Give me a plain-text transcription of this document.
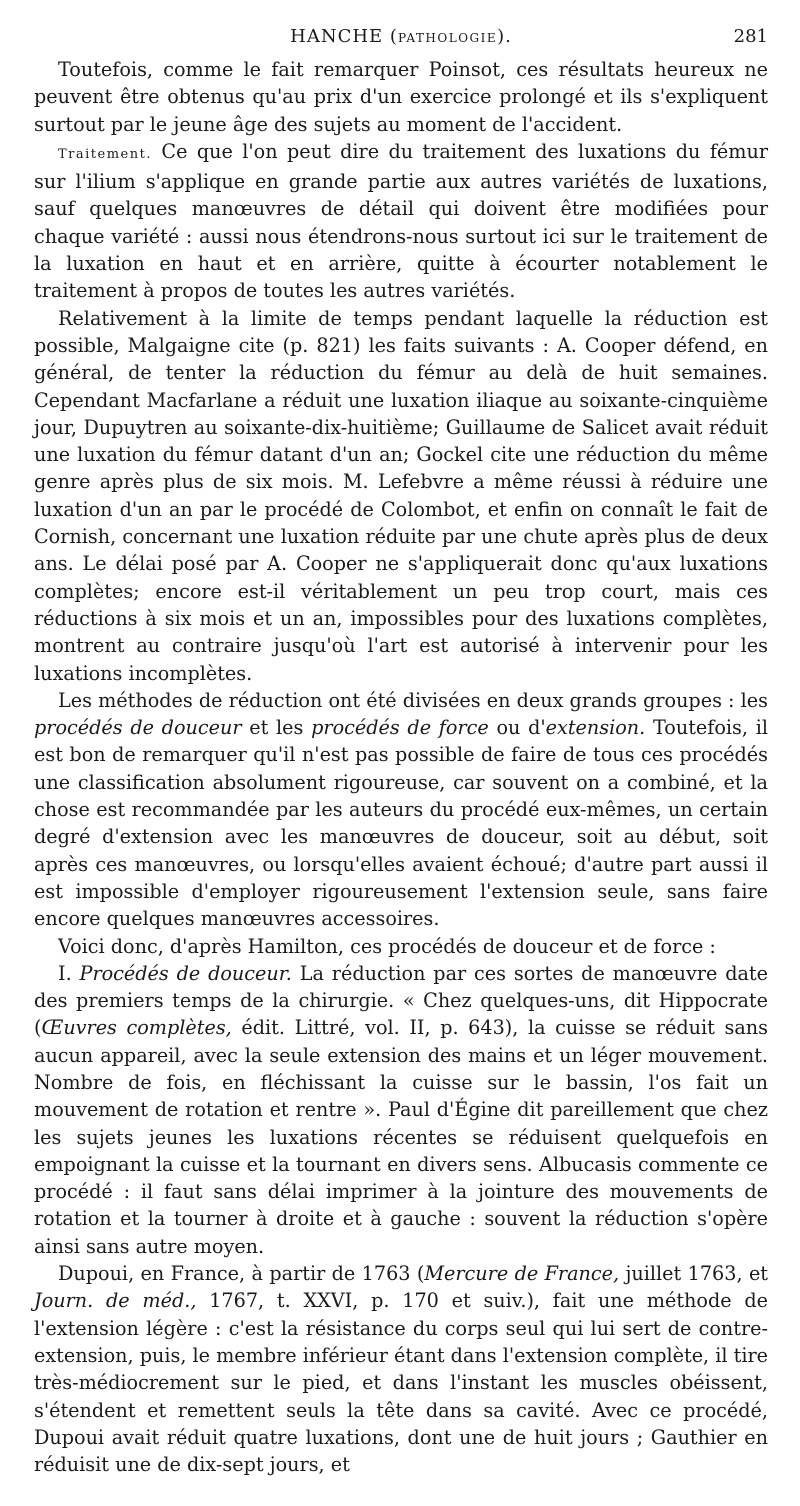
HANCHE (PATHOLOGIE).	281

Toutefois, comme le fait remarquer Poinsot, ces résultats heureux ne peuvent être obtenus qu'au prix d'un exercice prolongé et ils s'expliquent surtout par le jeune âge des sujets au moment de l'accident.

Traitement. Ce que l'on peut dire du traitement des luxations du fémur sur l'ilium s'applique en grande partie aux autres variétés de luxations, sauf quelques manœuvres de détail qui doivent être modifiées pour chaque variété : aussi nous étendrons-nous surtout ici sur le traitement de la luxation en haut et en arrière, quitte à écourter notablement le traitement à propos de toutes les autres variétés.

Relativement à la limite de temps pendant laquelle la réduction est possible, Malgaigne cite (p. 821) les faits suivants : A. Cooper défend, en général, de tenter la réduction du fémur au delà de huit semaines. Cependant Macfarlane a réduit une luxation iliaque au soixante-cinquième jour, Dupuytren au soixante-dix-huitième; Guillaume de Salicet avait réduit une luxation du fémur datant d'un an; Gockel cite une réduction du même genre après plus de six mois. M. Lefebvre a même réussi à réduire une luxation d'un an par le procédé de Colombot, et enfin on connaît le fait de Cornish, concernant une luxation réduite par une chute après plus de deux ans. Le délai posé par A. Cooper ne s'appliquerait donc qu'aux luxations complètes; encore est-il véritablement un peu trop court, mais ces réductions à six mois et un an, impossibles pour des luxations complètes, montrent au contraire jusqu'où l'art est autorisé à intervenir pour les luxations incomplètes.

Les méthodes de réduction ont été divisées en deux grands groupes : les procédés de douceur et les procédés de force ou d'extension. Toutefois, il est bon de remarquer qu'il n'est pas possible de faire de tous ces procédés une classification absolument rigoureuse, car souvent on a combiné, et la chose est recommandée par les auteurs du procédé eux-mêmes, un certain degré d'extension avec les manœuvres de douceur, soit au début, soit après ces manœuvres, ou lorsqu'elles avaient échoué; d'autre part aussi il est impossible d'employer rigoureusement l'extension seule, sans faire encore quelques manœuvres accessoires.

Voici donc, d'après Hamilton, ces procédés de douceur et de force :

I. Procédés de douceur. La réduction par ces sortes de manœuvre date des premiers temps de la chirurgie. « Chez quelques-uns, dit Hippocrate (Œuvres complètes, édit. Littré, vol. II, p. 643), la cuisse se réduit sans aucun appareil, avec la seule extension des mains et un léger mouvement. Nombre de fois, en fléchissant la cuisse sur le bassin, l'os fait un mouvement de rotation et rentre ». Paul d'Égine dit pareillement que chez les sujets jeunes les luxations récentes se réduisent quelquefois en empoignant la cuisse et la tournant en divers sens. Albucasis commente ce procédé : il faut sans délai imprimer à la jointure des mouvements de rotation et la tourner à droite et à gauche : souvent la réduction s'opère ainsi sans autre moyen.

Dupoui, en France, à partir de 1763 (Mercure de France, juillet 1763, et Journ. de méd., 1767, t. XXVI, p. 170 et suiv.), fait une méthode de l'extension légère : c'est la résistance du corps seul qui lui sert de contre-extension, puis, le membre inférieur étant dans l'extension complète, il tire très-médiocrement sur le pied, et dans l'instant les muscles obéissent, s'étendent et remettent seuls la tête dans sa cavité. Avec ce procédé, Dupoui avait réduit quatre luxations, dont une de huit jours ; Gauthier en réduisit une de dix-sept jours, et
